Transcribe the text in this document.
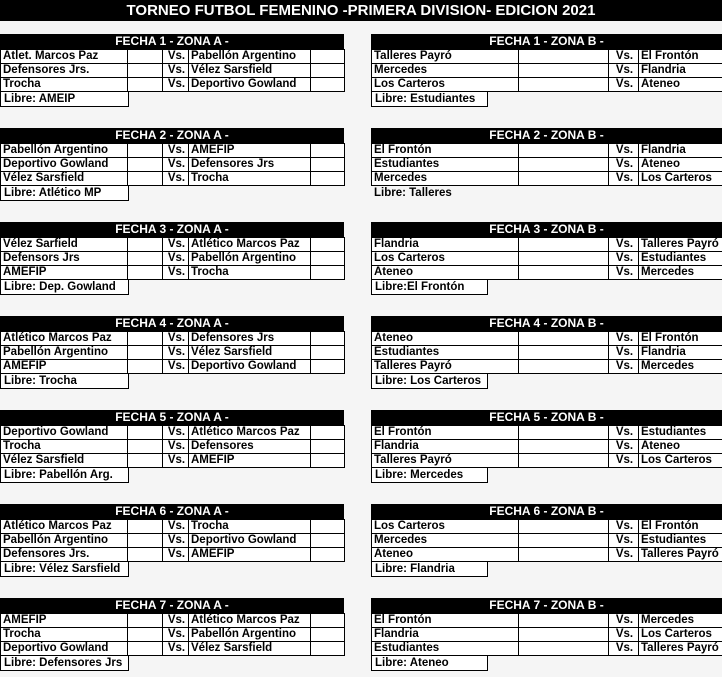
TORNEO FUTBOL FEMENINO -PRIMERA DIVISION- EDICION 2021
FECHA 1 - ZONA A -
Atlet. Marcos Paz		Vs.	Pabellón Argentino	
Defensores Jrs.		Vs.	Vélez Sarsfield	
Trocha		Vs.	Deportivo Gowland	
Libre: AMEIP
FECHA 1 - ZONA B -
Talleres Payró		Vs.	El Frontón	
Mercedes		Vs.	Flandria	
Los Carteros		Vs.	Ateneo	
Libre: Estudiantes
FECHA 2 - ZONA A -
Pabellón Argentino		Vs.	AMEFIP	
Deportivo Gowland		Vs.	Defensores Jrs	
Vélez Sarsfield		Vs.	Trocha	
Libre: Atlético MP
FECHA 2 - ZONA B -
El Frontón		Vs.	Flandria	
Estudiantes		Vs.	Ateneo	
Mercedes		Vs.	Los Carteros	
Libre: Talleres
FECHA 3 - ZONA A -
Vélez Sarfield		Vs.	Atlético Marcos Paz	
Defensors Jrs		Vs.	Pabellón Argentino	
AMEFIP		Vs.	Trocha	
Libre: Dep. Gowland
FECHA 3 - ZONA B -
Flandria		Vs.	Talleres Payró	
Los Carteros		Vs.	Estudiantes	
Ateneo		Vs.	Mercedes	
Libre:El Frontón
FECHA 4 - ZONA A -
Atlético Marcos Paz		Vs.	Defensores Jrs	
Pabellón Argentino		Vs.	Vélez Sarsfield	
AMEFIP		Vs.	Deportivo Gowland	
Libre: Trocha
FECHA 4 - ZONA B -
Ateneo		Vs.	El Frontón	
Estudiantes		Vs.	Flandria	
Talleres Payró		Vs.	Mercedes	
Libre: Los Carteros
FECHA 5 - ZONA A -
Deportivo Gowland		Vs.	Atlético Marcos Paz	
Trocha		Vs.	Defensores	
Vélez Sarsfield		Vs.	AMEFIP	
Libre: Pabellón Arg.
FECHA 5 - ZONA B -
El Frontón		Vs.	Estudiantes	
Flandria		Vs.	Ateneo	
Talleres Payró		Vs.	Los Carteros	
Libre: Mercedes
FECHA 6 - ZONA A -
Atlético Marcos Paz		Vs.	Trocha	
Pabellón Argentino		Vs.	Deportivo Gowland	
Defensores Jrs.		Vs.	AMEFIP	
Libre: Vélez Sarsfield
FECHA 6 - ZONA B -
Los Carteros		Vs.	El Frontón	
Mercedes		Vs.	Estudiantes	
Ateneo		Vs.	Talleres Payró	
Libre: Flandria
FECHA 7 - ZONA A -
AMEFIP		Vs.	Atlético Marcos Paz	
Trocha		Vs.	Pabellón Argentino	
Deportivo Gowland		Vs.	Vélez Sarsfield	
Libre: Defensores Jrs
FECHA 7 - ZONA B -
El Frontón		Vs.	Mercedes	
Flandria		Vs.	Los Carteros	
Estudiantes		Vs.	Talleres Payró	
Libre: Ateneo
